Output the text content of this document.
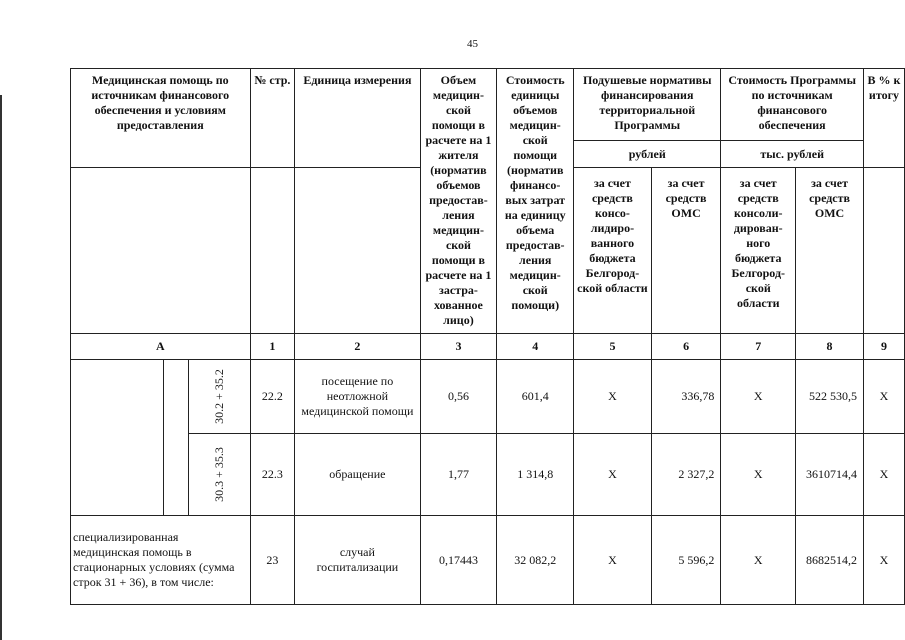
45
Медицинская помощь по источникам финансового обеспечения и условиям предоставления			№ стр.	Единица измерения	Объем медицин-ской помощи в расчете на 1 жителя (норматив объемов предостав-ления медицин-ской помощи в расчете на 1 застра-хованное лицо)	Стоимость единицы объемов медицин-ской помощи (норматив финансо-вых затрат на единицу объема предостав-ления медицин-ской помощи)	Подушевые нормативы финансирования территориальной Программы		Стоимость Программы по источникам финансового обеспечения		В % к итогу
							рублей		тыс. рублей		
							за счет средств консо-лидиро-ванного бюджета Белгород-ской области	за счет средств ОМС	за счет средств консоли-дирован-ного бюджета Белгород-ской области	за счет средств ОМС	
А			1	2	3	4	5	6	7	8	9
		30.2 + 35.2	22.2	посещение по неотложной медицинской помощи	0,56	601,4	Х	336,78	Х	522 530,5	Х
		30.3 + 35.3	22.3	обращение	1,77	1 314,8	Х	2 327,2	Х	3610714,4	Х
специализированная медицинская помощь в стационарных условиях (сумма строк 31 + 36), в том числе:			23	случай госпитализации	0,17443	32 082,2	Х	5 596,2	Х	8682514,2	Х
